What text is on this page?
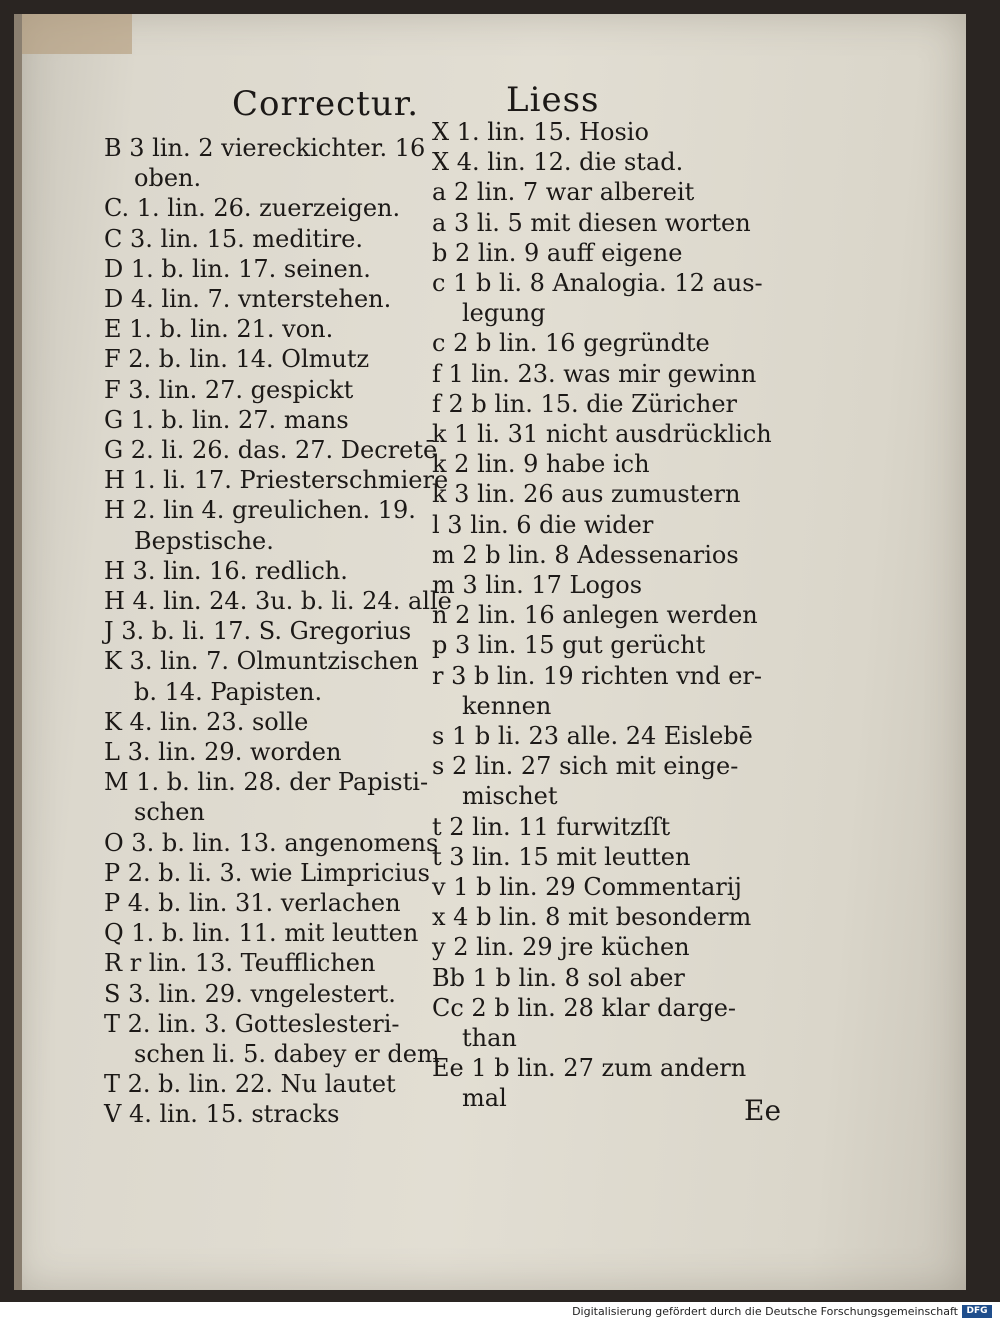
Correctur.	Liess
B 3 lin. 2 viereckichter. 16
oben.
C. 1. lin. 26. zuerzeigen.
C 3. lin. 15. meditire.
D 1. b. lin. 17. seinen.
D 4. lin. 7. vnterstehen.
E 1. b. lin. 21. von.
F 2. b. lin. 14. Olmutz
F 3. lin. 27. gespickt
G 1. b. lin. 27. mans
G 2. li. 26. das. 27. Decretē
H 1. li. 17. Priesterschmiere
H 2. lin 4. greulichen. 19.
Bepstische.
H 3. lin. 16. redlich.
H 4. lin. 24. 3u. b. li. 24. alle
J 3. b. li. 17. S. Gregorius
K 3. lin. 7. Olmuntzischen
b. 14. Papisten.
K 4. lin. 23. solle
L 3. lin. 29. worden
M 1. b. lin. 28. der Papisti-
schen
O 3. b. lin. 13. angenomens
P 2. b. li. 3. wie Limpricius
P 4. b. lin. 31. verlachen
Q 1. b. lin. 11. mit leutten
R r lin. 13. Teufflichen
S 3. lin. 29. vngelestert.
T 2. lin. 3. Gotteslesteri-
schen li. 5. dabey er dem
T 2. b. lin. 22. Nu lautet
V 4. lin. 15. stracks
X 1. lin. 15. Hosio
X 4. lin. 12. die stad.
a 2 lin. 7 war albereit
a 3 li. 5 mit diesen worten
b 2 lin. 9 auff eigene
c 1 b li. 8 Analogia. 12 aus-
legung
c 2 b lin. 16 gegründte
f 1 lin. 23. was mir gewinn
f 2 b lin. 15. die Züricher
k 1 li. 31 nicht ausdrücklich
k 2 lin. 9 habe ich
k 3 lin. 26 aus zumustern
l 3 lin. 6 die wider
m 2 b lin. 8 Adessenarios
m 3 lin. 17 Logos
n 2 lin. 16 anlegen werden
p 3 lin. 15 gut gerücht
r 3 b lin. 19 richten vnd er-
kennen
s 1 b li. 23 alle. 24 Eislebē
s 2 lin. 27 sich mit einge-
mischet
t 2 lin. 11 furwitzſſt
t 3 lin. 15 mit leutten
v 1 b lin. 29 Commentarij
x 4 b lin. 8 mit besonderm
y 2 lin. 29 jre küchen
Bb 1 b lin. 8 sol aber
Cc 2 b lin. 28 klar darge-
than
Ee 1 b lin. 27 zum andern
mal	Ee
Digitalisierung gefördert durch die Deutsche Forschungsgemeinschaft DFG
